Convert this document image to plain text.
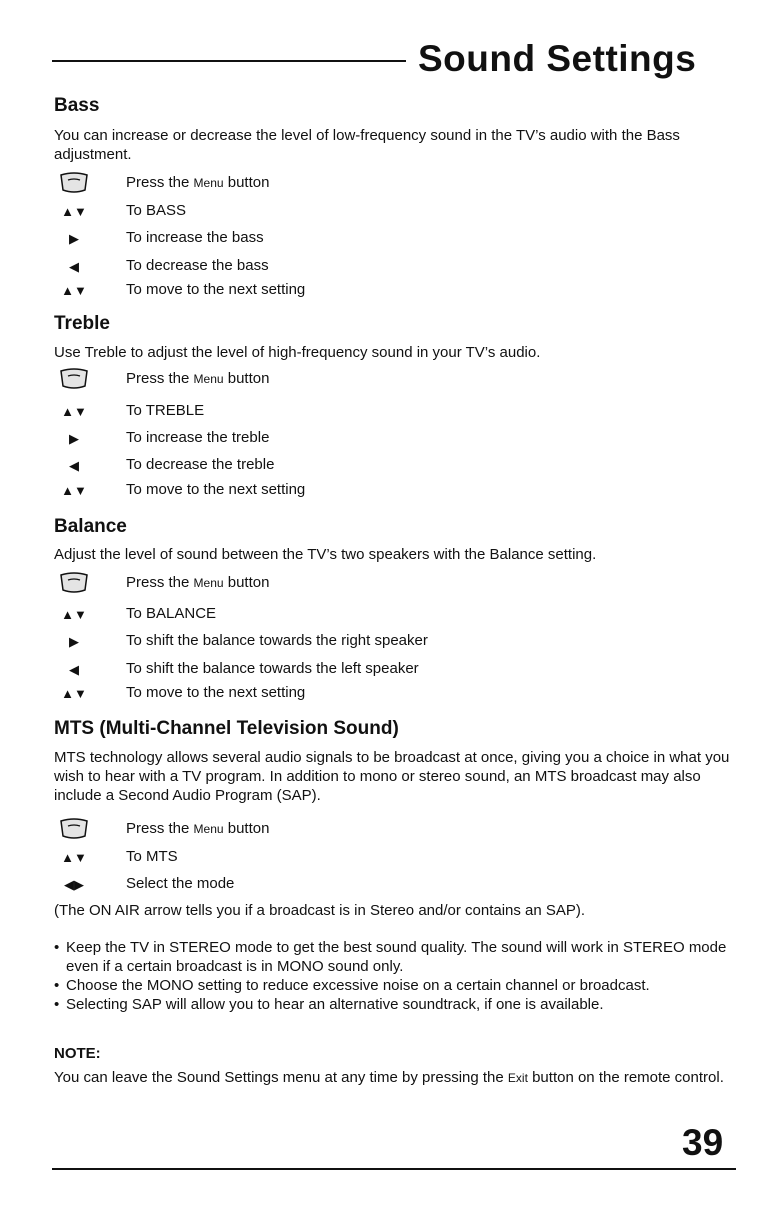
Sound Settings
Bass

You can increase or decrease the level of low-frequency sound in the TV’s audio with the Bass adjustment.

Press the Menu button
▲▼	To BASS
▶	To increase the bass
◀	To decrease the bass
▲▼	To move to the next setting
Treble

Use Treble to adjust the level of high-frequency sound in your TV’s audio.

Press the Menu button
▲▼	To TREBLE
▶	To increase the treble
◀	To decrease the treble
▲▼	To move to the next setting
Balance

Adjust the level of sound between the TV’s two speakers with the Balance setting.

Press the Menu button
▲▼	To BALANCE
▶	To shift the balance towards the right speaker
◀	To shift the balance towards the left speaker
▲▼	To move to the next setting
MTS (Multi-Channel Television Sound)

MTS technology allows several audio signals to be broadcast at once, giving you a choice in what you wish to hear with a TV program. In addition to mono or stereo sound, an MTS broadcast may also include a Second Audio Program (SAP).

Press the Menu button
▲▼	To MTS
◀▶	Select the mode

(The ON AIR arrow tells you if a broadcast is in Stereo and/or contains an SAP).

• Keep the TV in STEREO mode to get the best sound quality. The sound will work in STEREO mode even if a certain broadcast is in MONO sound only.
• Choose the MONO setting to reduce excessive noise on a certain channel or broadcast.
• Selecting SAP will allow you to hear an alternative soundtrack, if one is available.
NOTE:

You can leave the Sound Settings menu at any time by pressing the Exit button on the remote control.

39
